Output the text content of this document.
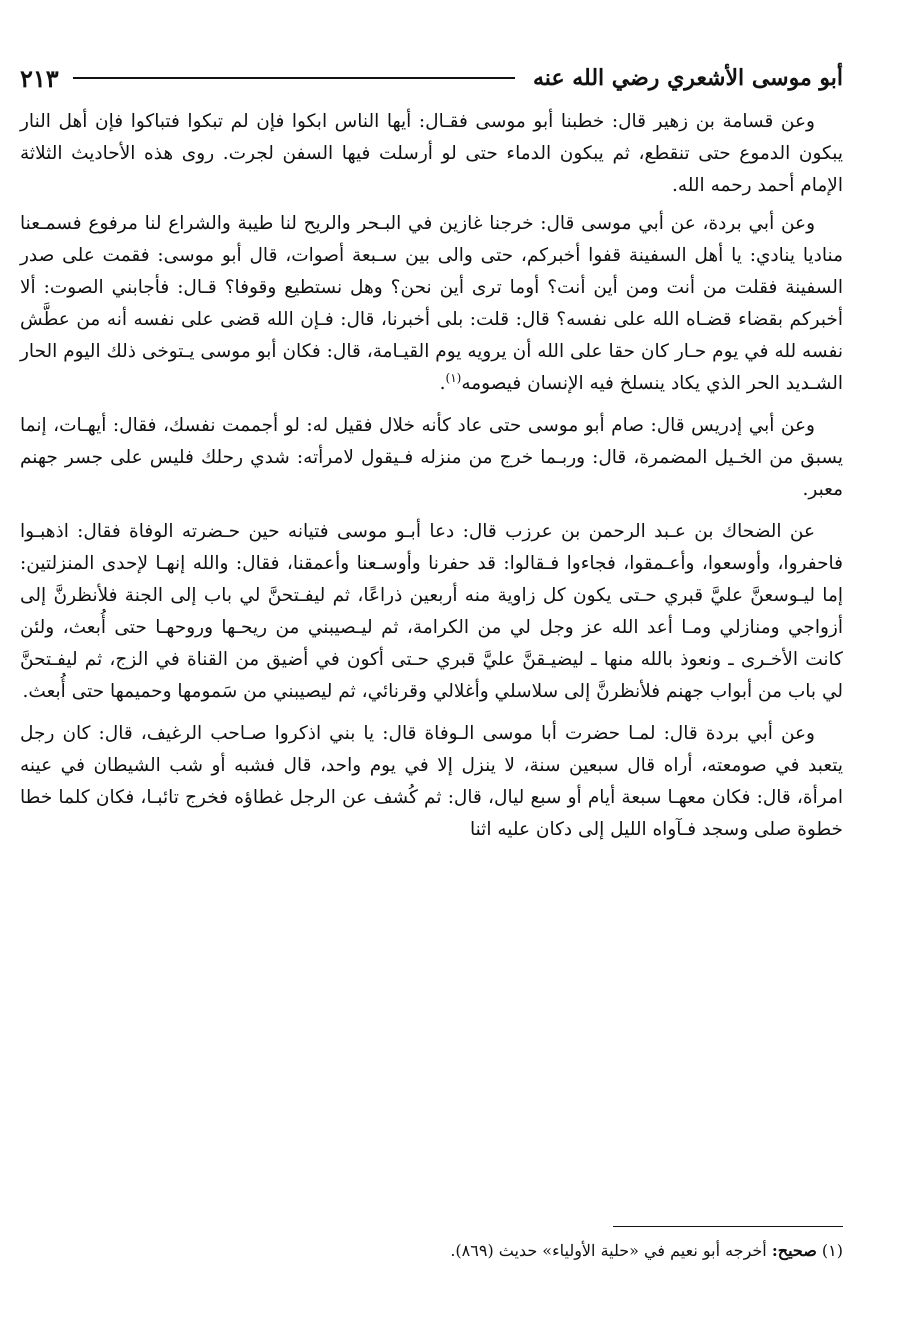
أبو موسى الأشعري رضي الله عنه
٢١٣

وعن قسامة بن زهير قال: خطبنا أبو موسى فقـال: أيها الناس ابكوا فإن لم تبكوا فتباكوا فإن أهل النار يبكون الدموع حتى تنقطع، ثم يبكون الدماء حتى لو أرسلت فيها السفن لجرت. روى هذه الأحاديث الثلاثة الإمام أحمد رحمه الله.

وعن أبي بردة، عن أبي موسى قال: خرجنا غازين في البـحر والريح لنا طيبة والشراع لنا مرفوع فسمـعنا مناديا ينادي: يا أهل السفينة قفوا أخبركم، حتى والى بين سـبعة أصوات، قال أبو موسى: فقمت على صدر السفينة فقلت من أنت ومن أين أنت؟ أوما ترى أين نحن؟ وهل نستطيع وقوفا؟ قـال: فأجابني الصوت: ألا أخبركم بقضاء قضـاه الله على نفسه؟ قال: قلت: بلى أخبرنا، قال: فـإن الله قضى على نفسه أنه من عطَّش نفسه لله في يوم حـار كان حقا على الله أن يرويه يوم القيـامة، قال: فكان أبو موسى يـتوخى ذلك اليوم الحار الشـديد الحر الذي يكاد ينسلخ فيه الإنسان فيصومه$^{(١)}$.

وعن أبي إدريس قال: صام أبو موسى حتى عاد كأنه خلال فقيل له: لو أجممت نفسك، فقال: أيهـات، إنما يسبق من الخـيل المضمرة، قال: وربـما خرج من منزله فـيقول لامرأته: شدي رحلك فليس على جسر جهنم معبر.

عن الضحاك بن عـبد الرحمن بن عرزب قال: دعا أبـو موسى فتيانه حين حـضرته الوفاة فقال: اذهبـوا فاحفروا، وأوسعوا، وأعـمقوا، فجاءوا فـقالوا: قد حفرنا وأوسـعنا وأعمقنا، فقال: والله إنهـا لإحدى المنزلتين: إما ليـوسعنَّ عليَّ قبري حـتى يكون كل زاوية منه أربعين ذراعًا، ثم ليفـتحنَّ لي باب إلى الجنة فلأنظرنَّ إلى أزواجي ومنازلي ومـا أعد الله عز وجل لي من الكرامة، ثم ليـصيبني من ريحـها وروحهـا حتى أُبعث، ولئن كانت الأخـرى ـ ونعوذ بالله منها ـ ليضيـقنَّ عليَّ قبري حـتى أكون في أضيق من القناة في الزج، ثم ليفـتحنَّ لي باب من أبواب جهنم فلأنظرنَّ إلى سلاسلي وأغلالي وقرنائي، ثم ليصيبني من سَمومها وحميمها حتى أُبعث.

وعن أبي بردة قال: لمـا حضرت أبا موسى الـوفاة قال: يا بني اذكروا صـاحب الرغيف، قال: كان رجل يتعبد في صومعته، أراه قال سبعين سنة، لا ينزل إلا في يوم واحد، قال فشبه أو شب الشيطان في عينه امرأة، قال: فكان معهـا سبعة أيام أو سبع ليال، قال: ثم كُشف عن الرجل غطاؤه فخرج تائبـا، فكان كلما خطا خطوة صلى وسجد فـآواه الليل إلى دكان عليه اثنا

(١) صحيح: أخرجه أبو نعيم في «حلية الأولياء» حديث (٨٦٩).
